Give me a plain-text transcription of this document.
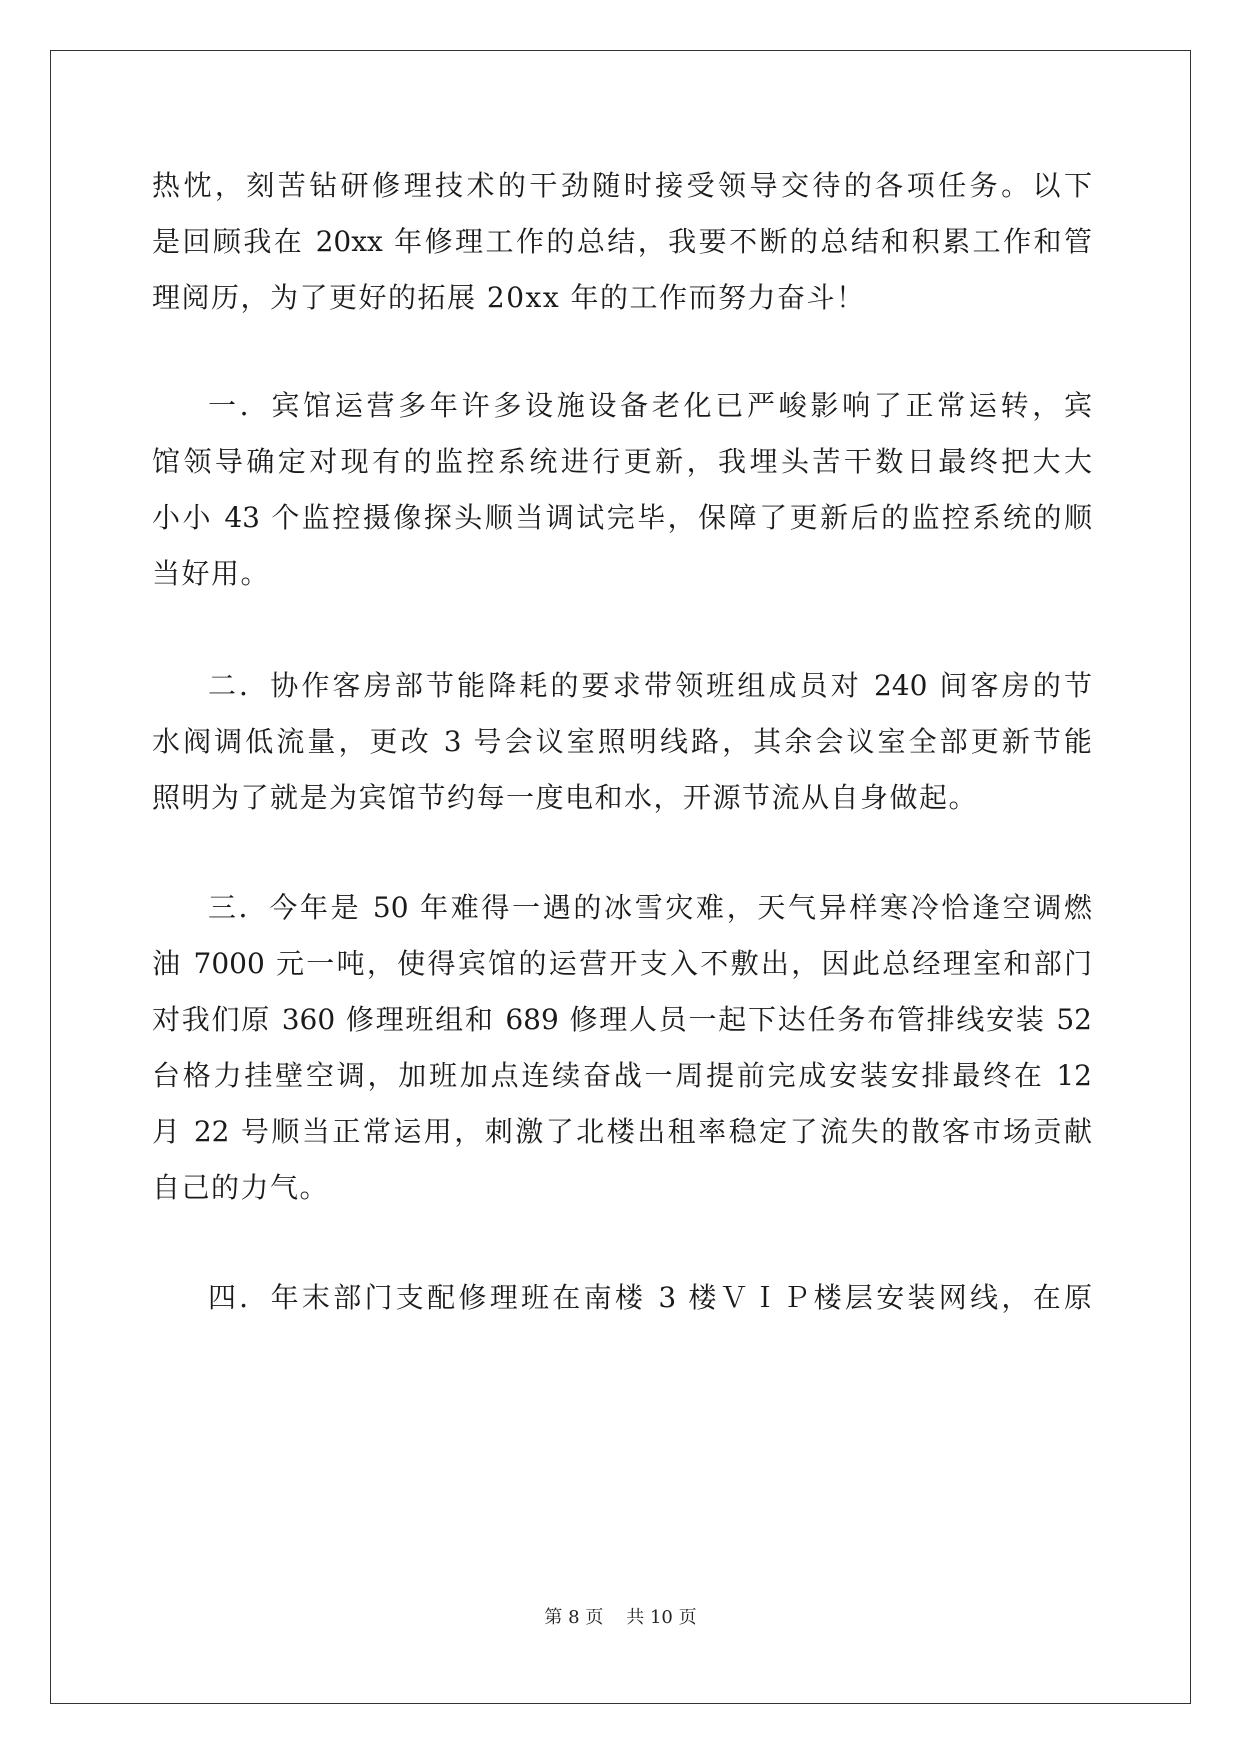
热忱，刻苦钻研修理技术的干劲随时接受领导交待的各项任务。以下
是回顾我在 20xx 年修理工作的总结，我要不断的总结和积累工作和管
理阅历，为了更好的拓展 20xx 年的工作而努力奋斗！
一．宾馆运营多年许多设施设备老化已严峻影响了正常运转，宾
馆领导确定对现有的监控系统进行更新，我埋头苦干数日最终把大大
小小 43 个监控摄像探头顺当调试完毕，保障了更新后的监控系统的顺
当好用。
二．协作客房部节能降耗的要求带领班组成员对 240 间客房的节
水阀调低流量，更改 3 号会议室照明线路，其余会议室全部更新节能
照明为了就是为宾馆节约每一度电和水，开源节流从自身做起。
三．今年是 50 年难得一遇的冰雪灾难，天气异样寒冷恰逢空调燃
油 7000 元一吨，使得宾馆的运营开支入不敷出，因此总经理室和部门
对我们原 360 修理班组和 689 修理人员一起下达任务布管排线安装 52
台格力挂壁空调，加班加点连续奋战一周提前完成安装安排最终在 12
月 22 号顺当正常运用，刺激了北楼出租率稳定了流失的散客市场贡献
自己的力气。
四．年末部门支配修理班在南楼 3 楼ＶＩＰ楼层安装网线，在原
第 8 页 共 10 页
